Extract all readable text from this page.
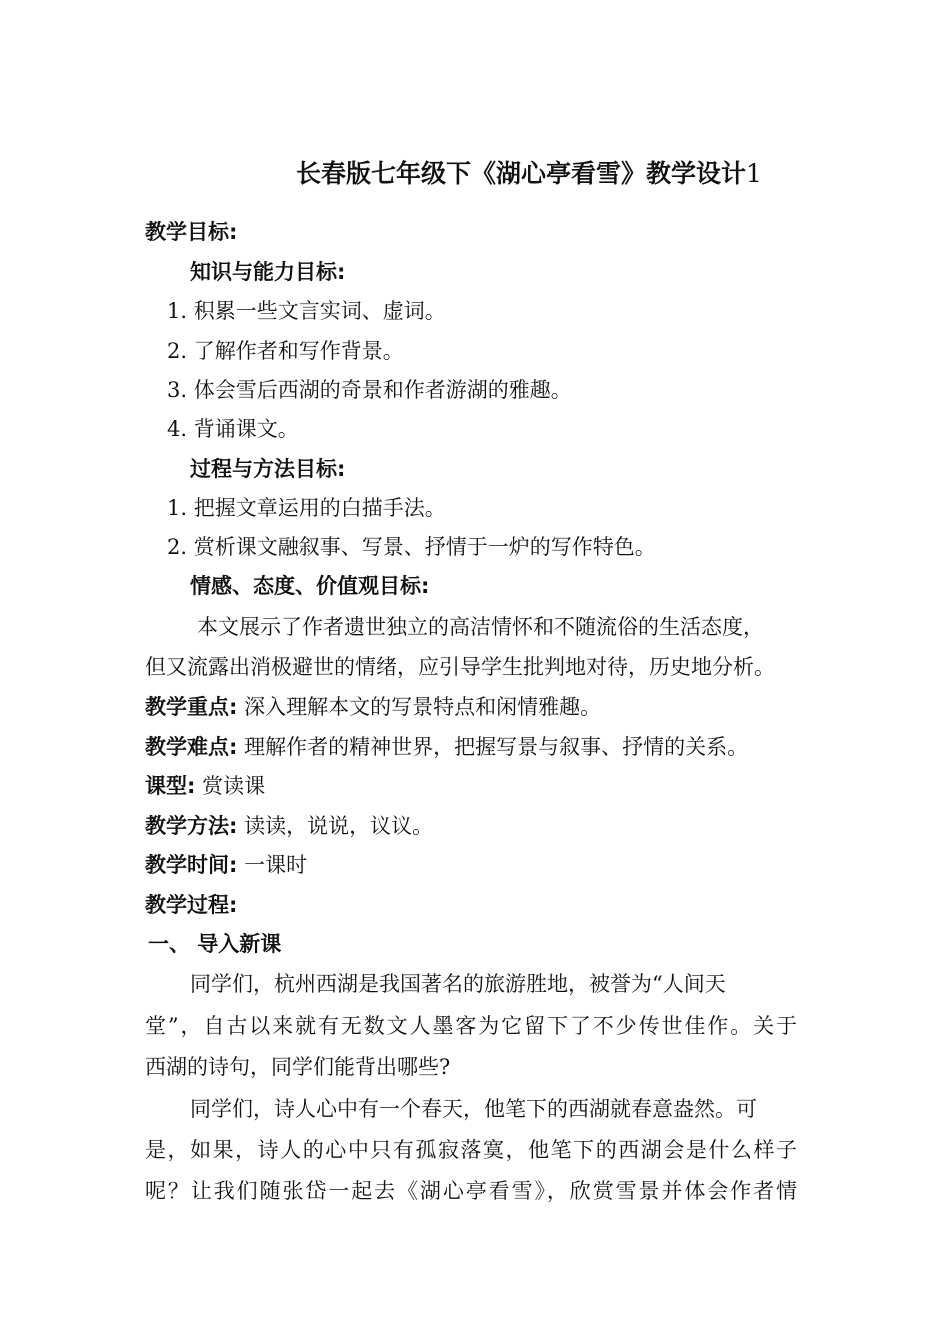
长春版七年级下《湖心亭看雪》教学设计1
教学目标:
知识与能力目标:
1. 积累一些文言实词、虚词。
2. 了解作者和写作背景。
3. 体会雪后西湖的奇景和作者游湖的雅趣。
4. 背诵课文。
过程与方法目标:
1. 把握文章运用的白描手法。
2. 赏析课文融叙事、写景、抒情于一炉的写作特色。
情感、态度、价值观目标:
本文展示了作者遗世独立的高洁情怀和不随流俗的生活态度，
但又流露出消极避世的情绪，应引导学生批判地对待，历史地分析。
教学重点: 深入理解本文的写景特点和闲情雅趣。
教学难点: 理解作者的精神世界，把握写景与叙事、抒情的关系。
课型: 赏读课
教学方法: 读读，说说，议议。
教学时间: 一课时
教学过程:
一、 导入新课
同学们，杭州西湖是我国著名的旅游胜地，被誉为“人间天
堂”，自古以来就有无数文人墨客为它留下了不少传世佳作。关于
西湖的诗句，同学们能背出哪些?
同学们，诗人心中有一个春天，他笔下的西湖就春意盎然。可
是，如果，诗人的心中只有孤寂落寞，他笔下的西湖会是什么样子
呢？让我们随张岱一起去《湖心亭看雪》，欣赏雪景并体会作者情
